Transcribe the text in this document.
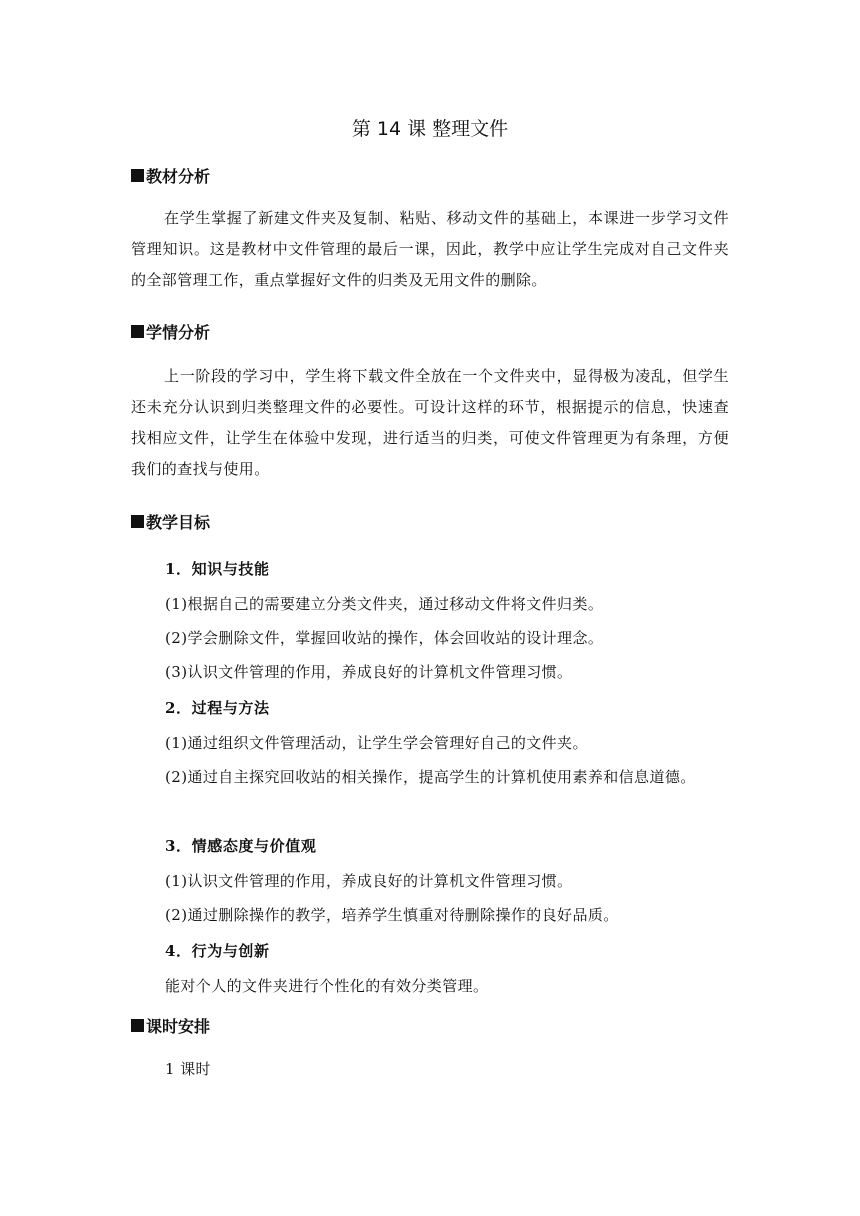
第 14 课 整理文件
教材分析

在学生掌握了新建文件夹及复制、粘贴、移动文件的基础上，本课进一步学习文件管理知识。这是教材中文件管理的最后一课，因此，教学中应让学生完成对自己文件夹的全部管理工作，重点掌握好文件的归类及无用文件的删除。

学情分析

上一阶段的学习中，学生将下载文件全放在一个文件夹中，显得极为凌乱，但学生还未充分认识到归类整理文件的必要性。可设计这样的环节，根据提示的信息，快速查找相应文件，让学生在体验中发现，进行适当的归类，可使文件管理更为有条理，方便我们的查找与使用。

教学目标
1．知识与技能

(1)根据自己的需要建立分类文件夹，通过移动文件将文件归类。

(2)学会删除文件，掌握回收站的操作，体会回收站的设计理念。

(3)认识文件管理的作用，养成良好的计算机文件管理习惯。

2．过程与方法

(1)通过组织文件管理活动，让学生学会管理好自己的文件夹。

(2)通过自主探究回收站的相关操作，提高学生的计算机使用素养和信息道德。

3．情感态度与价值观

(1)认识文件管理的作用，养成良好的计算机文件管理习惯。

(2)通过删除操作的教学，培养学生慎重对待删除操作的良好品质。

4．行为与创新

能对个人的文件夹进行个性化的有效分类管理。

课时安排

1 课时
